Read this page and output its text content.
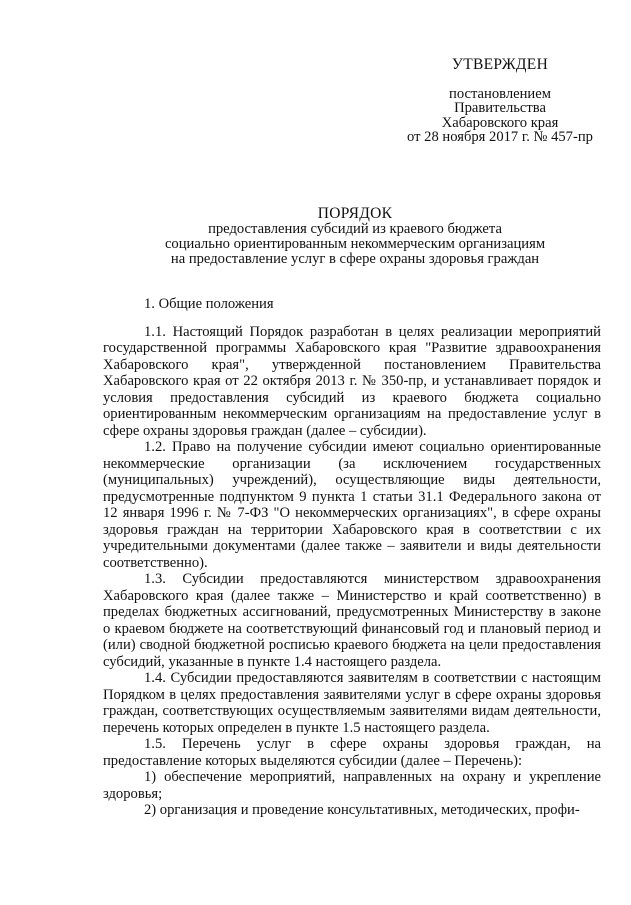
УТВЕРЖДЕН
постановлением
Правительства
Хабаровского края
от 28 ноября 2017 г. № 457-пр
ПОРЯДОК
предоставления субсидий из краевого бюджета
социально ориентированным некоммерческим организациям
на предоставление услуг в сфере охраны здоровья граждан
1. Общие положения

1.1. Настоящий Порядок разработан в целях реализации мероприятий государственной программы Хабаровского края "Развитие здравоохранения Хабаровского края", утвержденной постановлением Правительства Хабаровского края от 22 октября 2013 г. № 350-пр, и устанавливает порядок и условия предоставления субсидий из краевого бюджета социально ориентированным некоммерческим организациям на предоставление услуг в сфере охраны здоровья граждан (далее – субсидии).

1.2. Право на получение субсидии имеют социально ориентированные некоммерческие организации (за исключением государственных (муниципальных) учреждений), осуществляющие виды деятельности, предусмотренные подпунктом 9 пункта 1 статьи 31.1 Федерального закона от 12 января 1996 г. № 7-ФЗ "О некоммерческих организациях", в сфере охраны здоровья граждан на территории Хабаровского края в соответствии с их учредительными документами (далее также – заявители и виды деятельности соответственно).

1.3. Субсидии предоставляются министерством здравоохранения Хабаровского края (далее также – Министерство и край соответственно) в пределах бюджетных ассигнований, предусмотренных Министерству в законе о краевом бюджете на соответствующий финансовый год и плановый период и (или) сводной бюджетной росписью краевого бюджета на цели предоставления субсидий, указанные в пункте 1.4 настоящего раздела.

1.4. Субсидии предоставляются заявителям в соответствии с настоящим Порядком в целях предоставления заявителями услуг в сфере охраны здоровья граждан, соответствующих осуществляемым заявителями видам деятельности, перечень которых определен в пункте 1.5 настоящего раздела.

1.5. Перечень услуг в сфере охраны здоровья граждан, на предоставление которых выделяются субсидии (далее – Перечень):

1) обеспечение мероприятий, направленных на охрану и укрепление здоровья;

2) организация и проведение консультативных, методических, профи-
